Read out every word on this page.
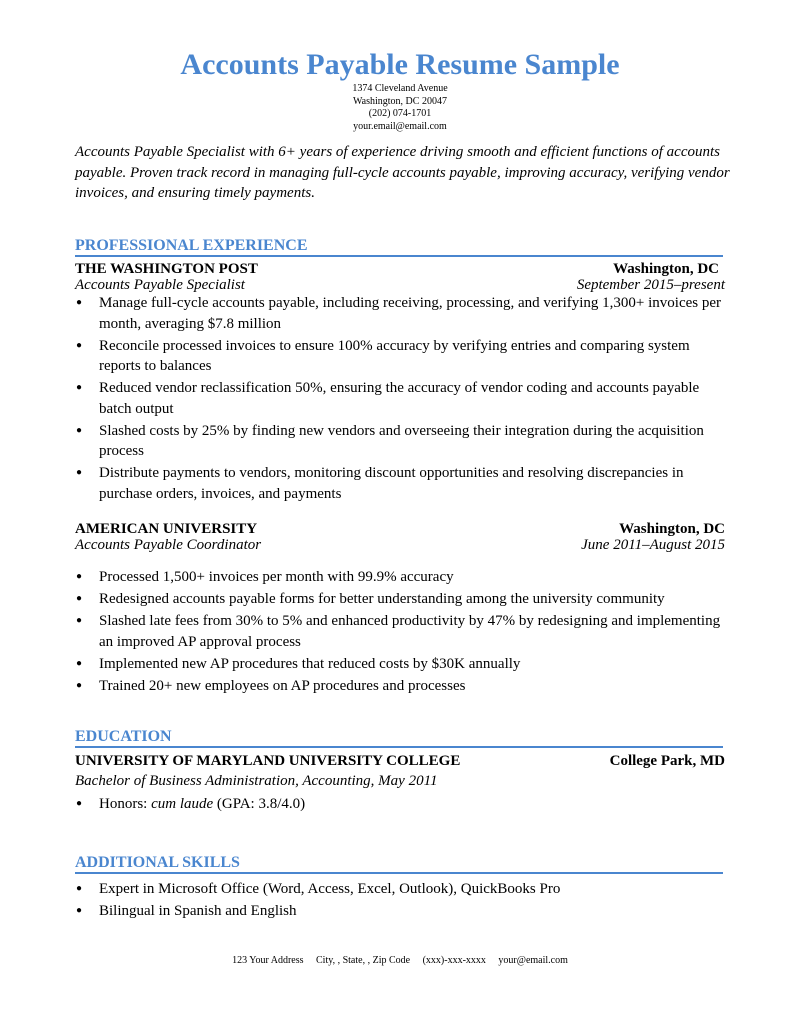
Accounts Payable Resume Sample
1374 Cleveland Avenue
Washington, DC 20047
(202) 074-1701
your.email@email.com
Accounts Payable Specialist with 6+ years of experience driving smooth and efficient functions of accounts payable. Proven track record in managing full-cycle accounts payable, improving accuracy, verifying vendor invoices, and ensuring timely payments.
PROFESSIONAL EXPERIENCE
THE WASHINGTON POST	Washington, DC
Accounts Payable Specialist	September 2015–present
● Manage full-cycle accounts payable, including receiving, processing, and verifying 1,300+ invoices per month, averaging $7.8 million
● Reconcile processed invoices to ensure 100% accuracy by verifying entries and comparing system reports to balances
● Reduced vendor reclassification 50%, ensuring the accuracy of vendor coding and accounts payable batch output
● Slashed costs by 25% by finding new vendors and overseeing their integration during the acquisition process
● Distribute payments to vendors, monitoring discount opportunities and resolving discrepancies in purchase orders, invoices, and payments
AMERICAN UNIVERSITY	Washington, DC
Accounts Payable Coordinator	June 2011–August 2015
● Processed 1,500+ invoices per month with 99.9% accuracy
● Redesigned accounts payable forms for better understanding among the university community
● Slashed late fees from 30% to 5% and enhanced productivity by 47% by redesigning and implementing an improved AP approval process
● Implemented new AP procedures that reduced costs by $30K annually
● Trained 20+ new employees on AP procedures and processes
EDUCATION
UNIVERSITY OF MARYLAND UNIVERSITY COLLEGE	College Park, MD
Bachelor of Business Administration, Accounting, May 2011
● Honors: cum laude (GPA: 3.8/4.0)
ADDITIONAL SKILLS
● Expert in Microsoft Office (Word, Access, Excel, Outlook), QuickBooks Pro
● Bilingual in Spanish and English
123 Your Address City, , State, , Zip Code (xxx)-xxx-xxxx your@email.com
